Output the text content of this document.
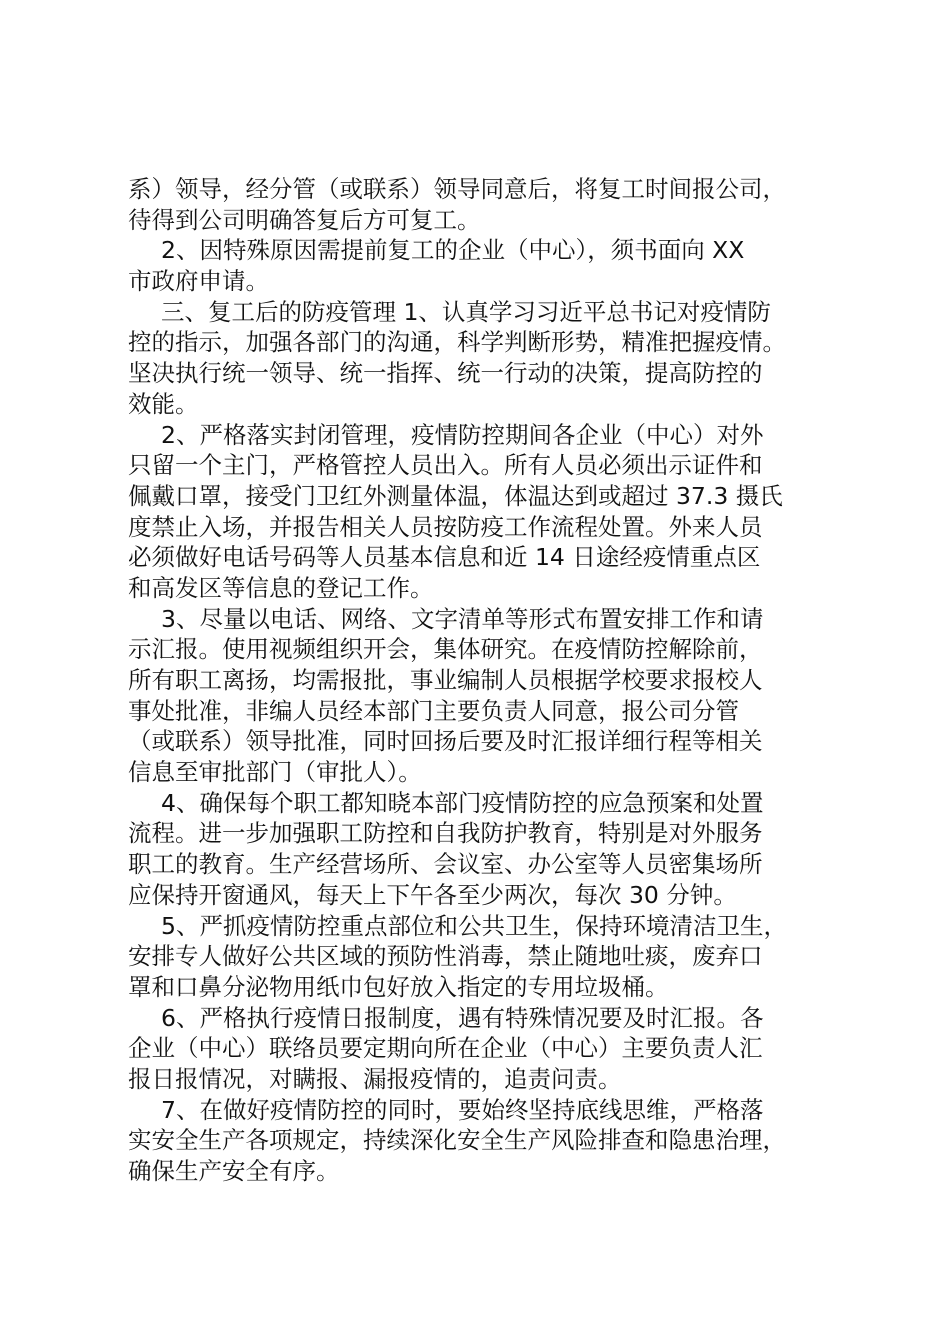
系）领导，经分管（或联系）领导同意后，将复工时间报公司，
待得到公司明确答复后方可复工。
2、因特殊原因需提前复工的企业（中心），须书面向 XX
市政府申请。
三、复工后的防疫管理 1、认真学习习近平总书记对疫情防
控的指示，加强各部门的沟通，科学判断形势，精准把握疫情。
坚决执行统一领导、统一指挥、统一行动的决策，提高防控的
效能。
2、严格落实封闭管理，疫情防控期间各企业（中心）对外
只留一个主门，严格管控人员出入。所有人员必须出示证件和
佩戴口罩，接受门卫红外测量体温，体温达到或超过 37.3 摄氏
度禁止入场，并报告相关人员按防疫工作流程处置。外来人员
必须做好电话号码等人员基本信息和近 14 日途经疫情重点区
和高发区等信息的登记工作。
3、尽量以电话、网络、文字清单等形式布置安排工作和请
示汇报。使用视频组织开会，集体研究。在疫情防控解除前，
所有职工离扬，均需报批，事业编制人员根据学校要求报校人
事处批准，非编人员经本部门主要负责人同意，报公司分管
（或联系）领导批准，同时回扬后要及时汇报详细行程等相关
信息至审批部门（审批人）。
4、确保每个职工都知晓本部门疫情防控的应急预案和处置
流程。进一步加强职工防控和自我防护教育，特别是对外服务
职工的教育。生产经营场所、会议室、办公室等人员密集场所
应保持开窗通风，每天上下午各至少两次，每次 30 分钟。
5、严抓疫情防控重点部位和公共卫生，保持环境清洁卫生，
安排专人做好公共区域的预防性消毒，禁止随地吐痰，废弃口
罩和口鼻分泌物用纸巾包好放入指定的专用垃圾桶。
6、严格执行疫情日报制度，遇有特殊情况要及时汇报。各
企业（中心）联络员要定期向所在企业（中心）主要负责人汇
报日报情况，对瞒报、漏报疫情的，追责问责。
7、在做好疫情防控的同时，要始终坚持底线思维，严格落
实安全生产各项规定，持续深化安全生产风险排查和隐患治理，
确保生产安全有序。
